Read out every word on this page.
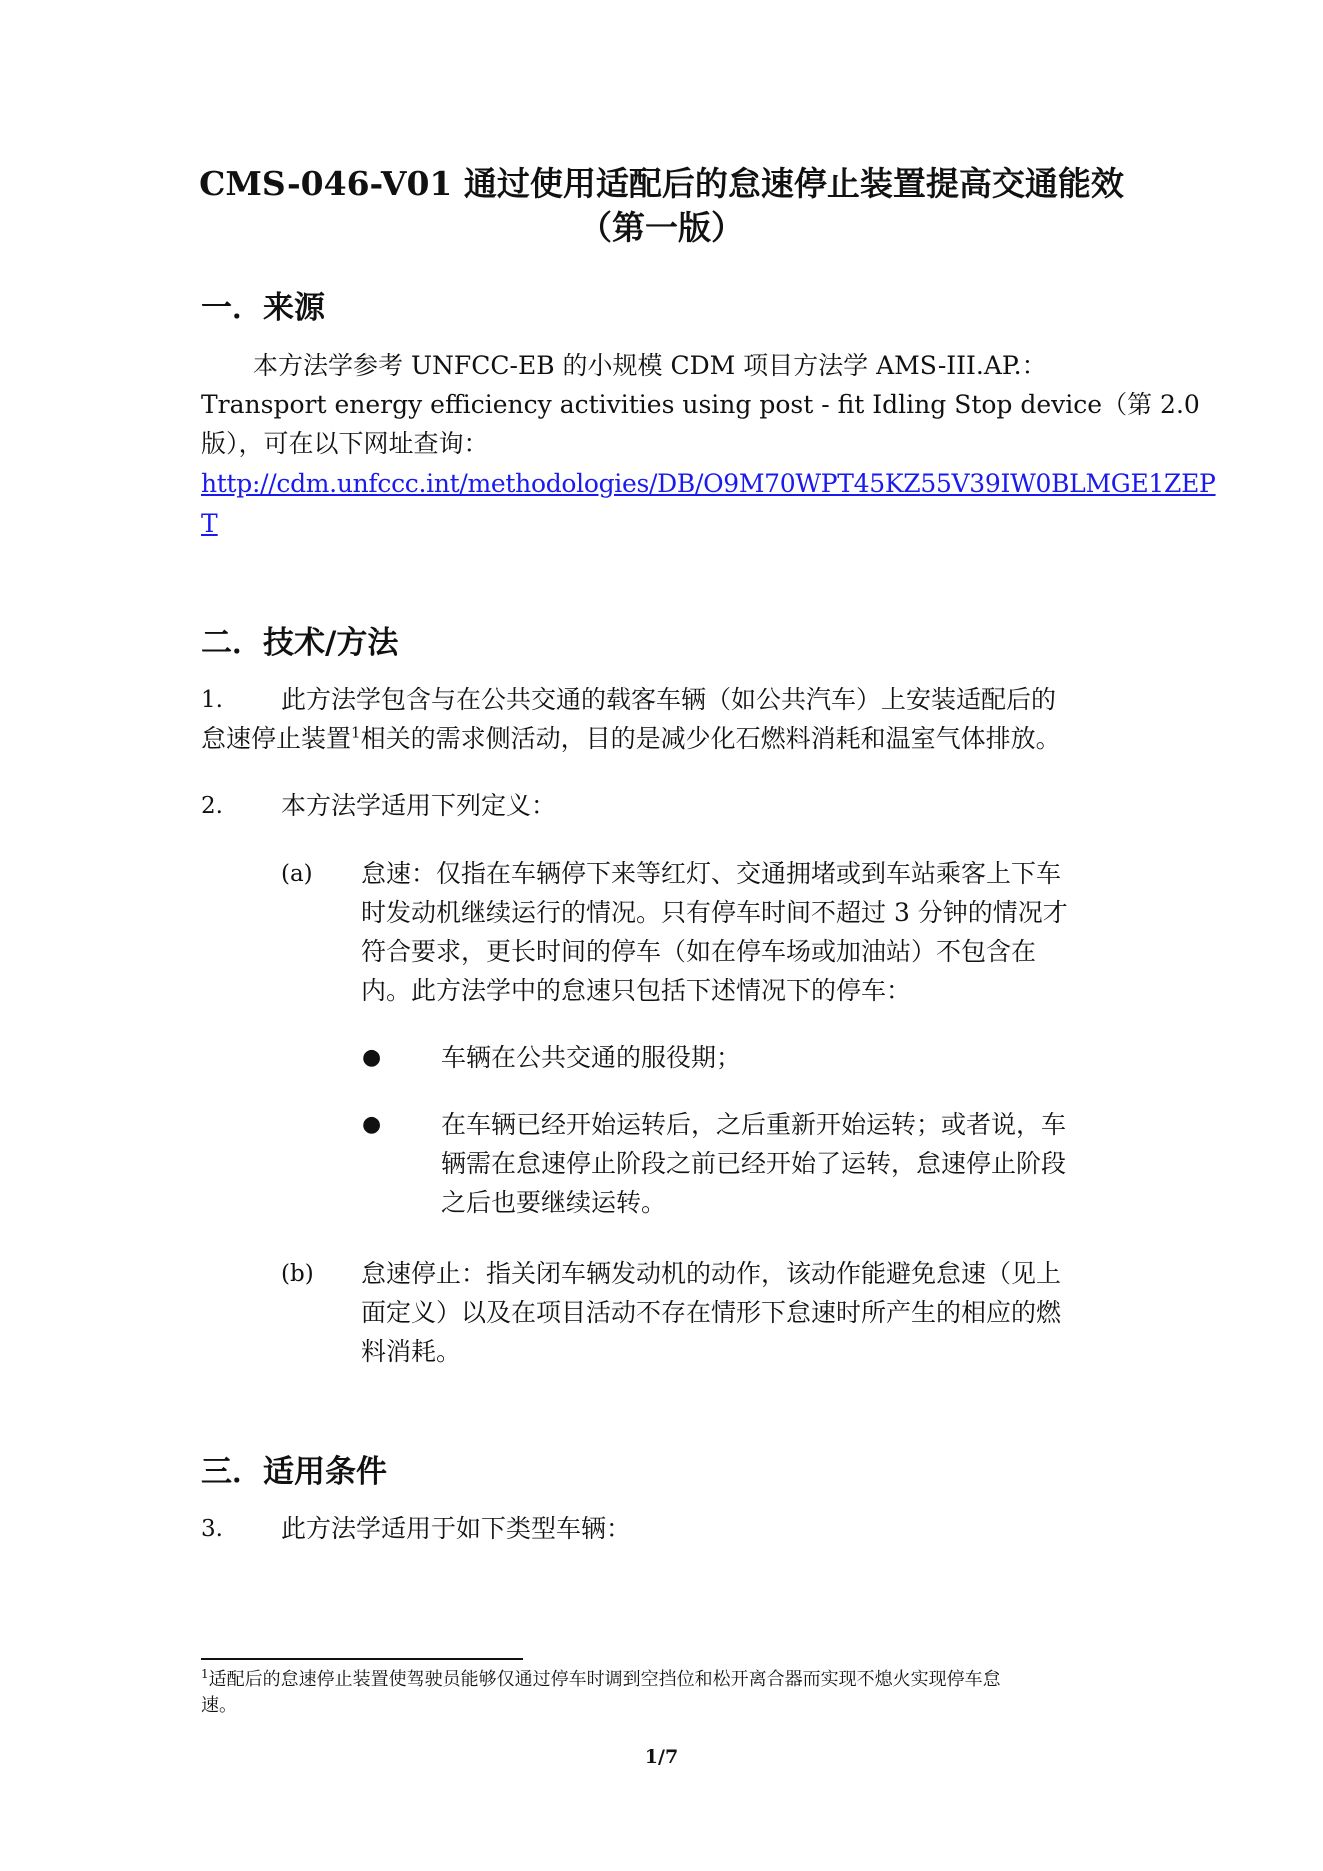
CMS-046-V01 通过使用适配后的怠速停止装置提高交通能效
（第一版）
一．来源
本方法学参考 UNFCC-EB 的小规模 CDM 项目方法学 AMS-III.AP.：
Transport energy efficiency activities using post - fit Idling Stop device（第 2.0
版），可在以下网址查询：
http://cdm.unfccc.int/methodologies/DB/O9M70WPT45KZ55V39IW0BLMGE1ZEP
T
二．技术/方法
1. 此方法学包含与在公共交通的载客车辆（如公共汽车）上安装适配后的
怠速停止装置$^1$相关的需求侧活动，目的是减少化石燃料消耗和温室气体排放。
2. 本方法学适用下列定义：
(a) 怠速：仅指在车辆停下来等红灯、交通拥堵或到车站乘客上下车
时发动机继续运行的情况。只有停车时间不超过 3 分钟的情况才
符合要求，更长时间的停车（如在停车场或加油站）不包含在
内。此方法学中的怠速只包括下述情况下的停车：
● 车辆在公共交通的服役期；
● 在车辆已经开始运转后，之后重新开始运转；或者说，车
辆需在怠速停止阶段之前已经开始了运转，怠速停止阶段
之后也要继续运转。
(b) 怠速停止：指关闭车辆发动机的动作，该动作能避免怠速（见上
面定义）以及在项目活动不存在情形下怠速时所产生的相应的燃
料消耗。
三．适用条件
3. 此方法学适用于如下类型车辆：
$^1$适配后的怠速停止装置使驾驶员能够仅通过停车时调到空挡位和松开离合器而实现不熄火实现停车怠
速。
1/7
